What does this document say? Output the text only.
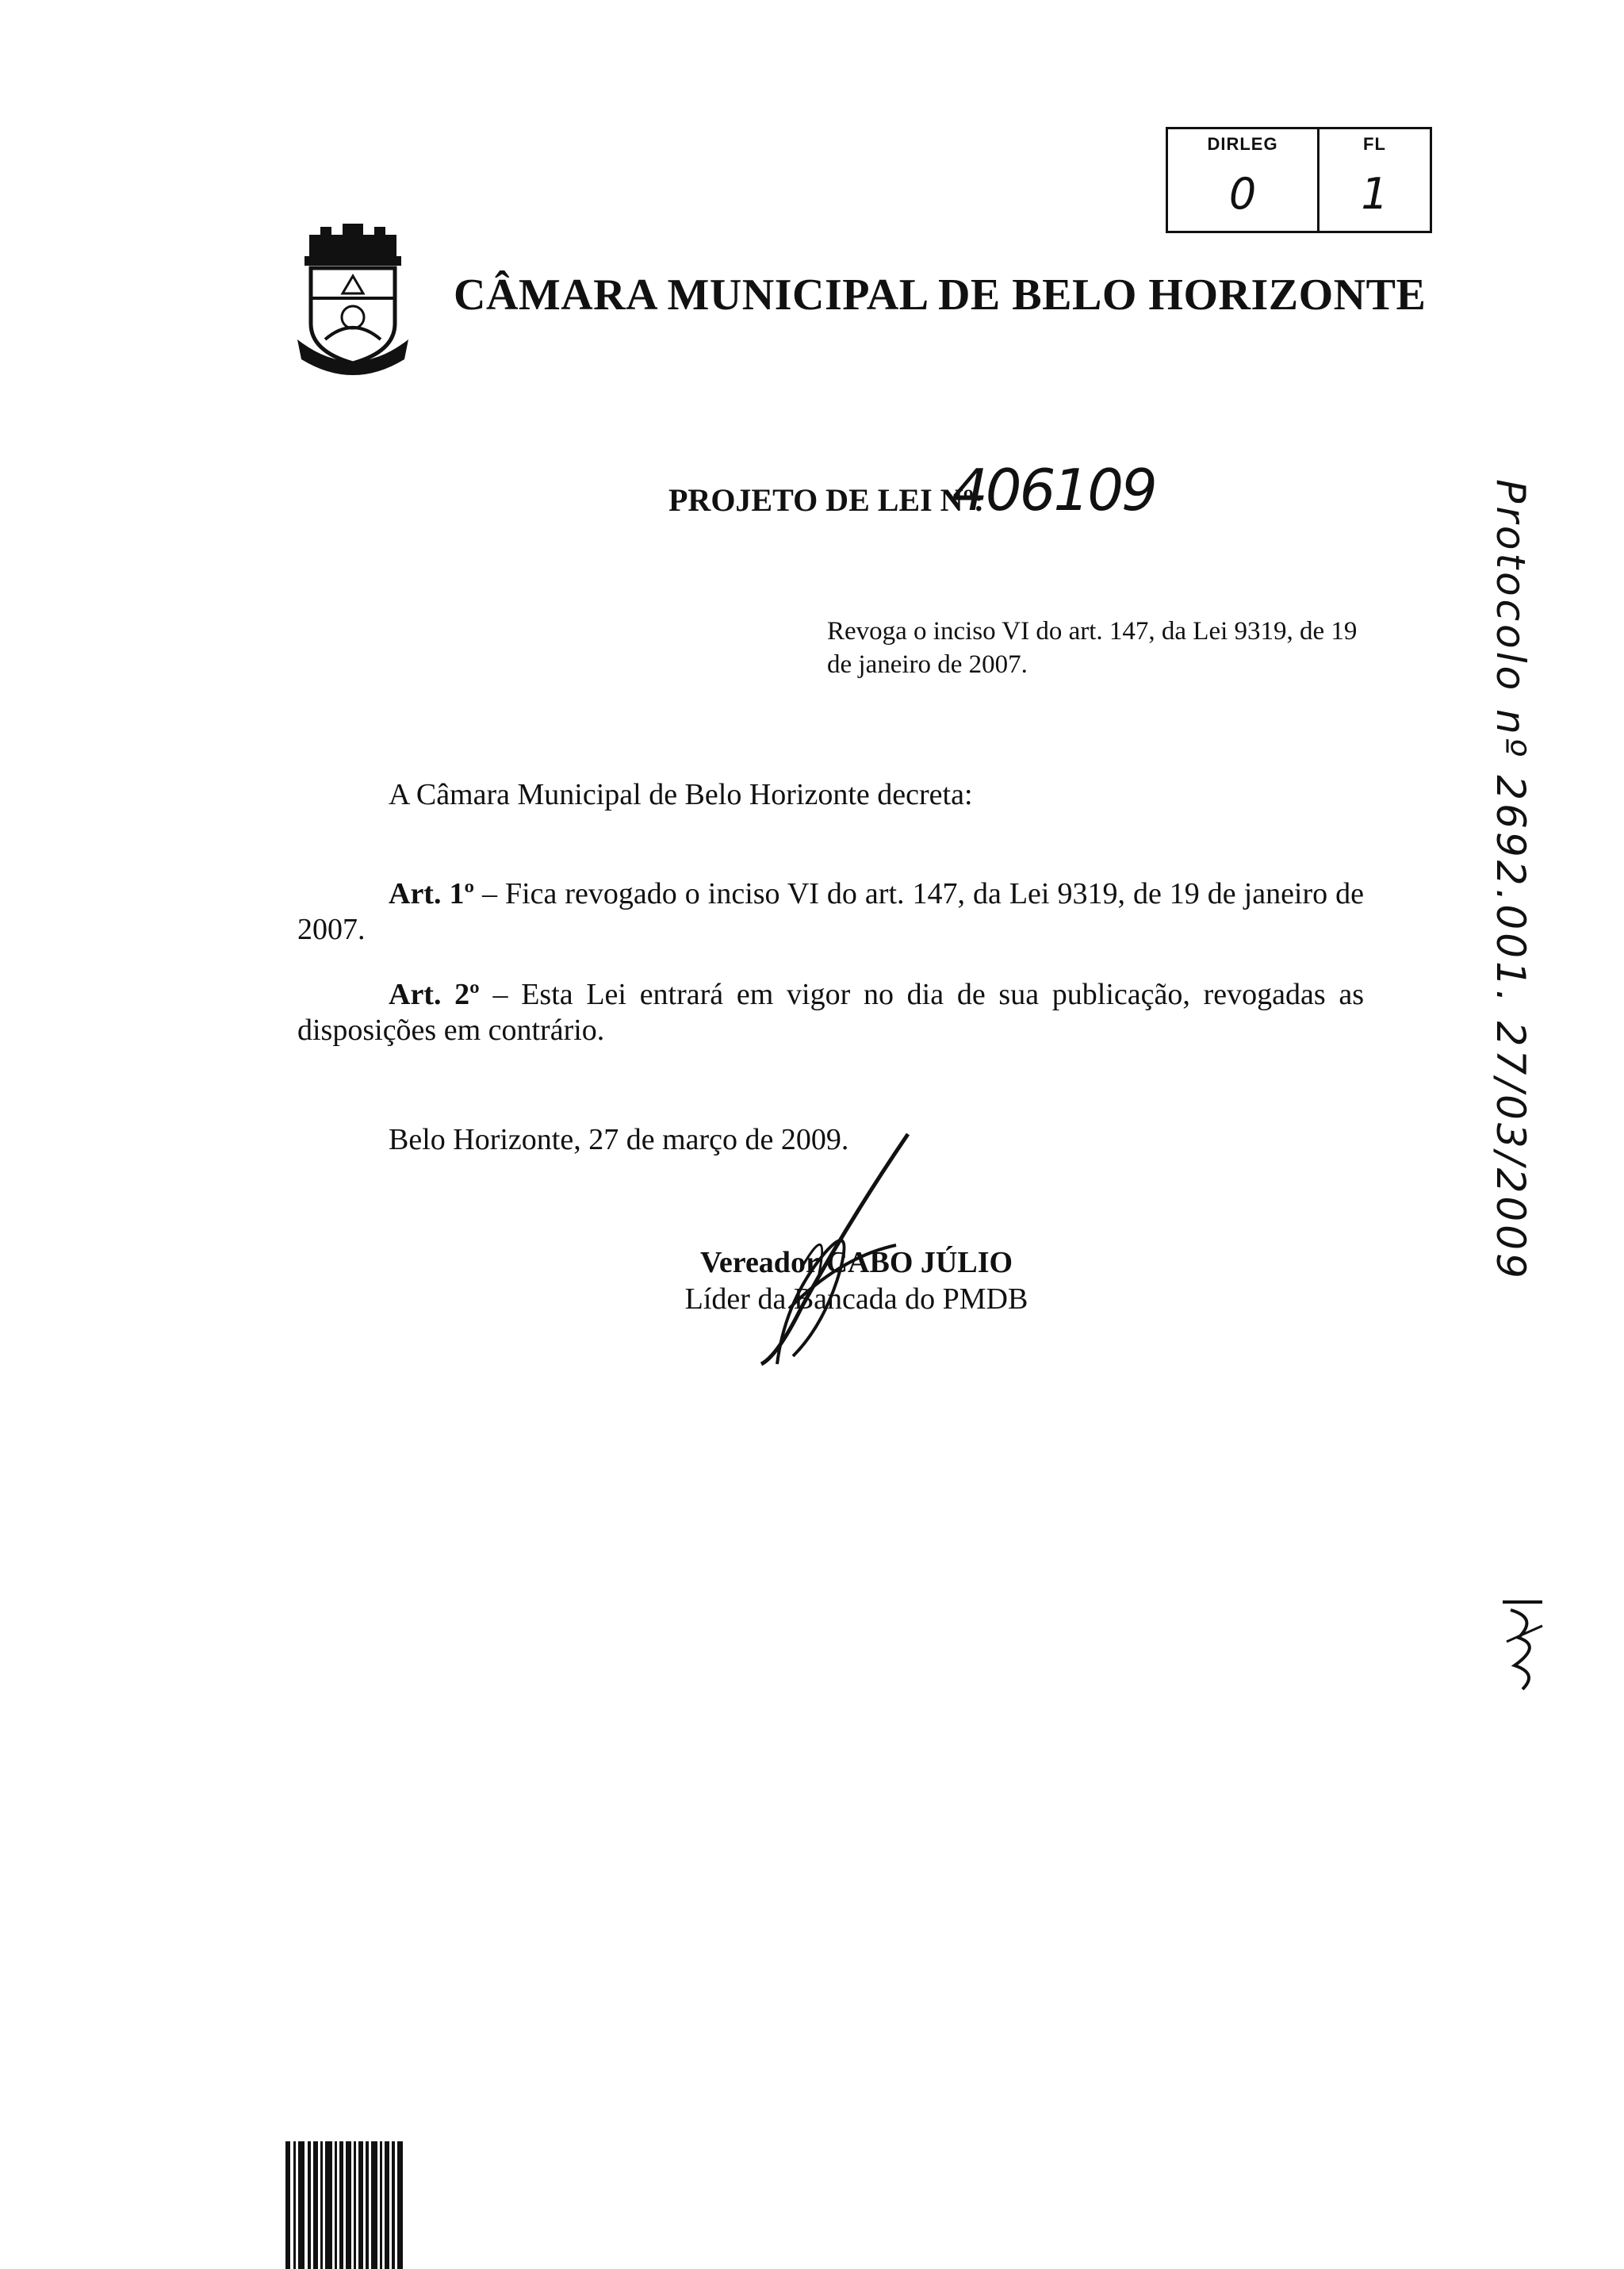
DIRLEG
0
FL
1
CÂMARA MUNICIPAL DE BELO HORIZONTE
PROJETO DE LEI Nº:
406109
Revoga o inciso VI do art. 147, da Lei 9319, de 19 de janeiro de 2007.
A Câmara Municipal de Belo Horizonte decreta:
Art. 1º – Fica revogado o inciso VI do art. 147, da Lei 9319, de 19 de janeiro de 2007.
Art. 2º – Esta Lei entrará em vigor no dia de sua publicação, revogadas as disposições em contrário.
Belo Horizonte, 27 de março de 2009.
Vereador CABO JÚLIO
Líder da Bancada do PMDB
Protocolo nº 2692.001. 27/03/2009
